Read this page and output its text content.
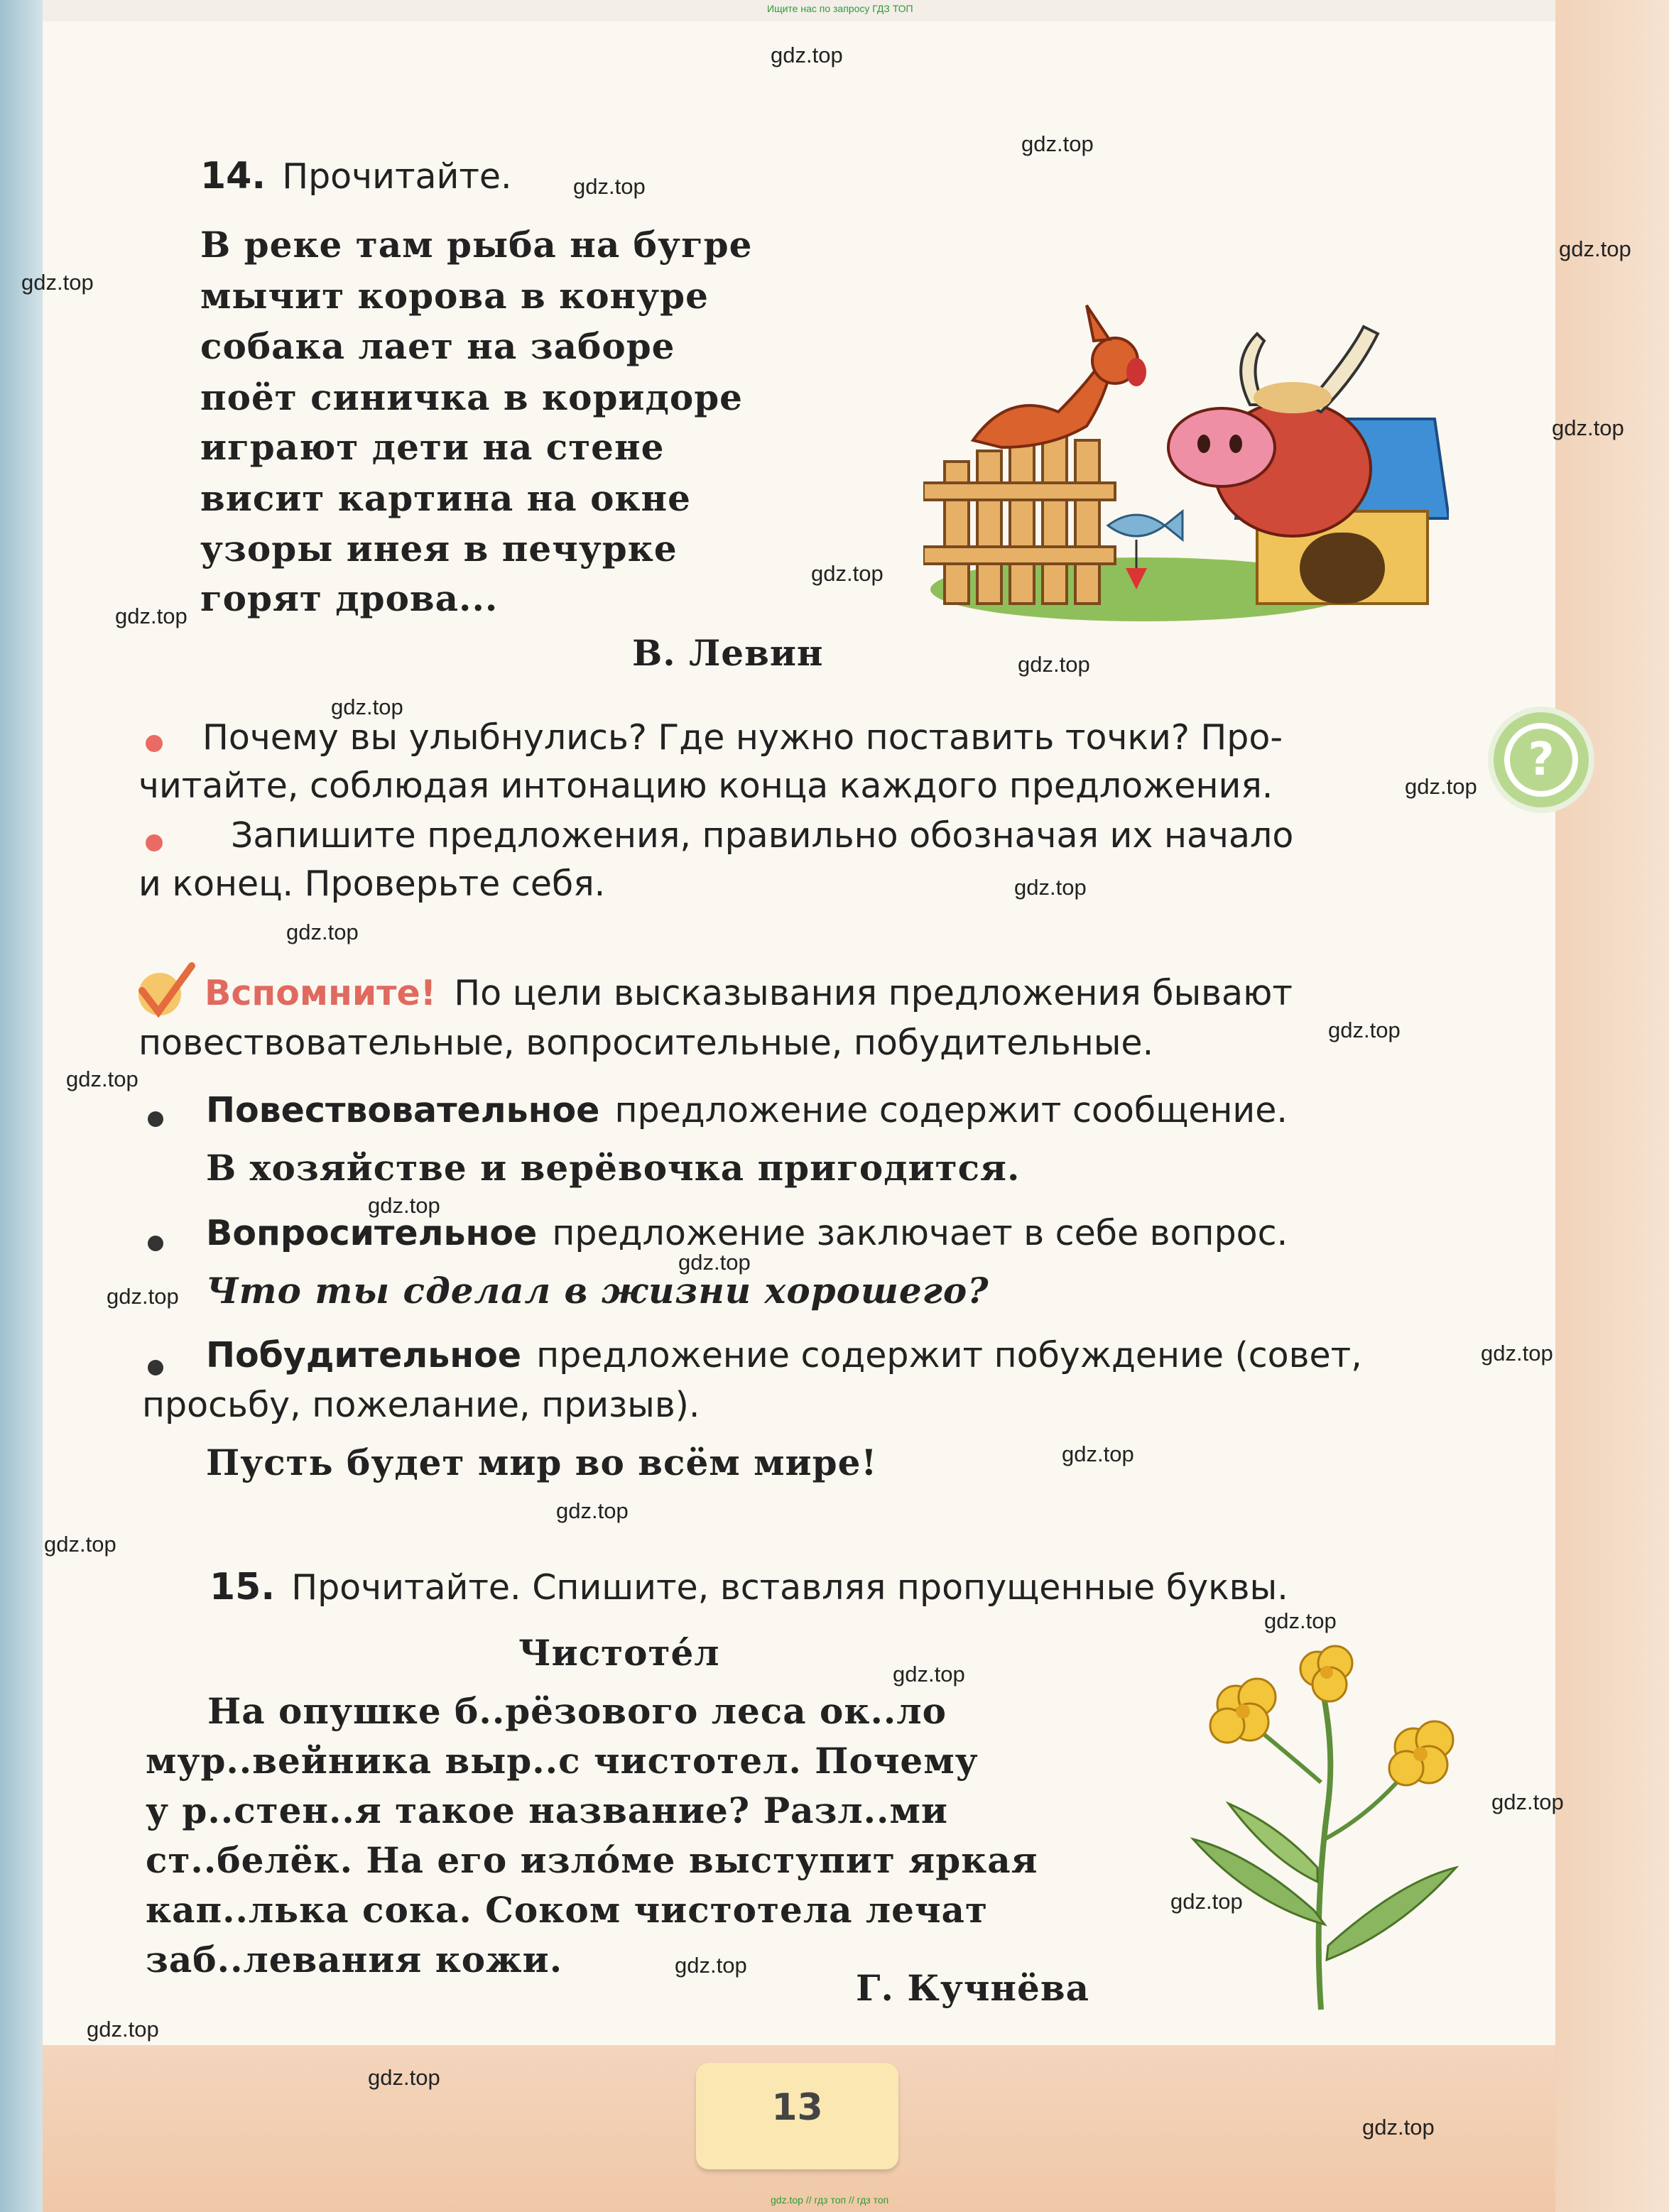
Ищите нас по запросу ГДЗ ТОП
14. Прочитайте.
В реке там рыба на бугре
мычит корова в конуре
собака лает на заборе
поёт синичка в коридоре
играют дети на стене
висит картина на окне
узоры инея в печурке
горят дрова...
В. Левин
Почему вы улыбнулись? Где нужно поставить точки? Про-
читайте, соблюдая интонацию конца каждого предложения.
Запишите предложения, правильно обозначая их начало
и конец. Проверьте себя.
Вспомните! По цели высказывания предложения бывают
повествовательные, вопросительные, побудительные.
Повествовательное предложение содержит сообщение.
В хозяйстве и верёвочка пригодится.
Вопросительное предложение заключает в себе вопрос.
Что ты сделал в жизни хорошего?
Побудительное предложение содержит побуждение (совет,
просьбу, пожелание, призыв).
Пусть будет мир во всём мире!
15. Прочитайте. Спишите, вставляя пропущенные буквы.
Чистотéл
На опушке б..рёзового леса ок..ло
мур..вейника выр..с чистотел. Почему
у р..стен..я такое название? Разл..ми
ст..белёк. На его изло́ме выступит яркая
кап..лька сока. Соком чистотела лечат
заб..левания кожи.
Г. Кучнёва
?
13
gdz.top
gdz.top
gdz.top
gdz.top
gdz.top
gdz.top
gdz.top
gdz.top
gdz.top
gdz.top
gdz.top
gdz.top
gdz.top
gdz.top
gdz.top
gdz.top
gdz.top
gdz.top
gdz.top
gdz.top
gdz.top
gdz.top
gdz.top
gdz.top
gdz.top
gdz.top
gdz.top
gdz.top
gdz.top
gdz.top
gdz.top // гдз топ // гдз топ
